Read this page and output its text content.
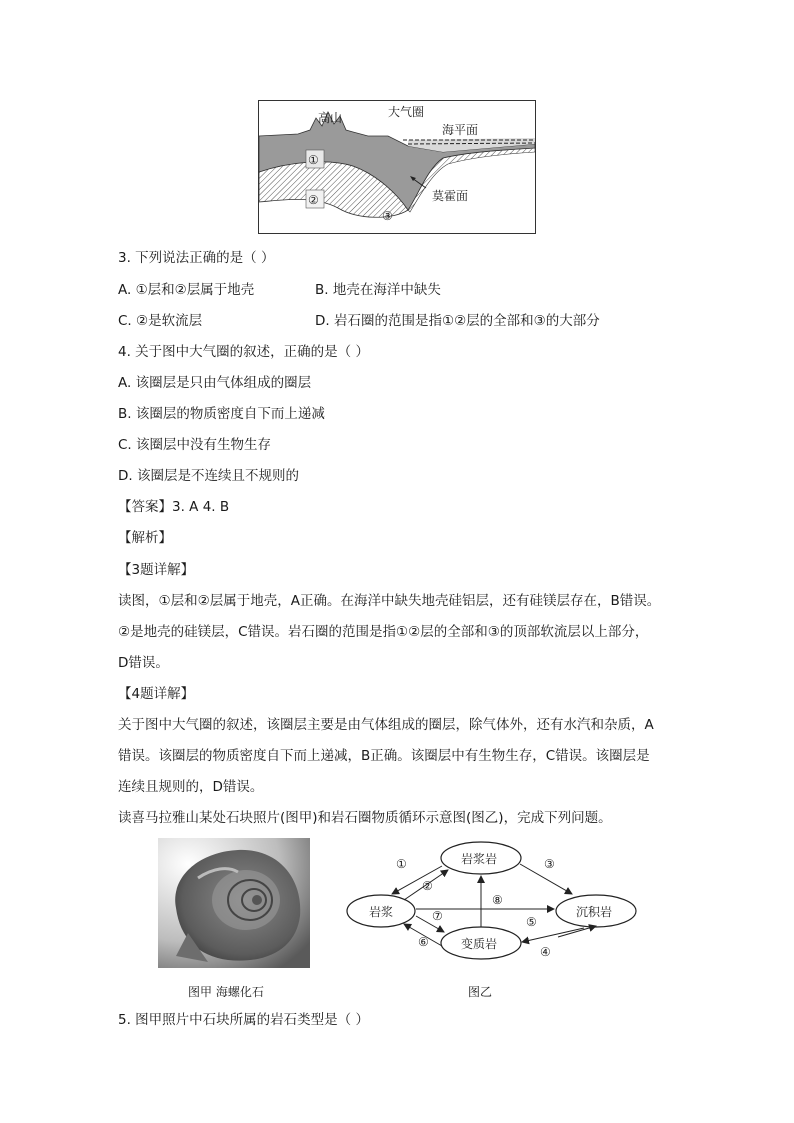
高山	大气圈
海平面
莫霍面
①
②
③
3. 下列说法正确的是（ ）
A. ①层和②层属于地壳	B. 地壳在海洋中缺失
C. ②是软流层	D. 岩石圈的范围是指①②层的全部和③的大部分
4. 关于图中大气圈的叙述，正确的是（ ）
A. 该圈层是只由气体组成的圈层
B. 该圈层的物质密度自下而上递减
C. 该圈层中没有生物生存
D. 该圈层是不连续且不规则的
【答案】3. A 4. B
【解析】
【3题详解】
读图，①层和②层属于地壳，A正确。在海洋中缺失地壳硅铝层，还有硅镁层存在，B错误。
②是地壳的硅镁层，C错误。岩石圈的范围是指①②层的全部和③的顶部软流层以上部分，
D错误。
【4题详解】
关于图中大气圈的叙述，该圈层主要是由气体组成的圈层，除气体外，还有水汽和杂质，A
错误。该圈层的物质密度自下而上递减，B正确。该圈层中有生物生存，C错误。该圈层是
连续且规则的，D错误。
读喜马拉雅山某处石块照片(图甲)和岩石圈物质循环示意图(图乙)，完成下列问题。
图甲 海螺化石
岩浆岩
岩浆	沉积岩
变质岩
①
②
③
④
⑤
⑥
⑦
⑧
图乙
5. 图甲照片中石块所属的岩石类型是（ ）
